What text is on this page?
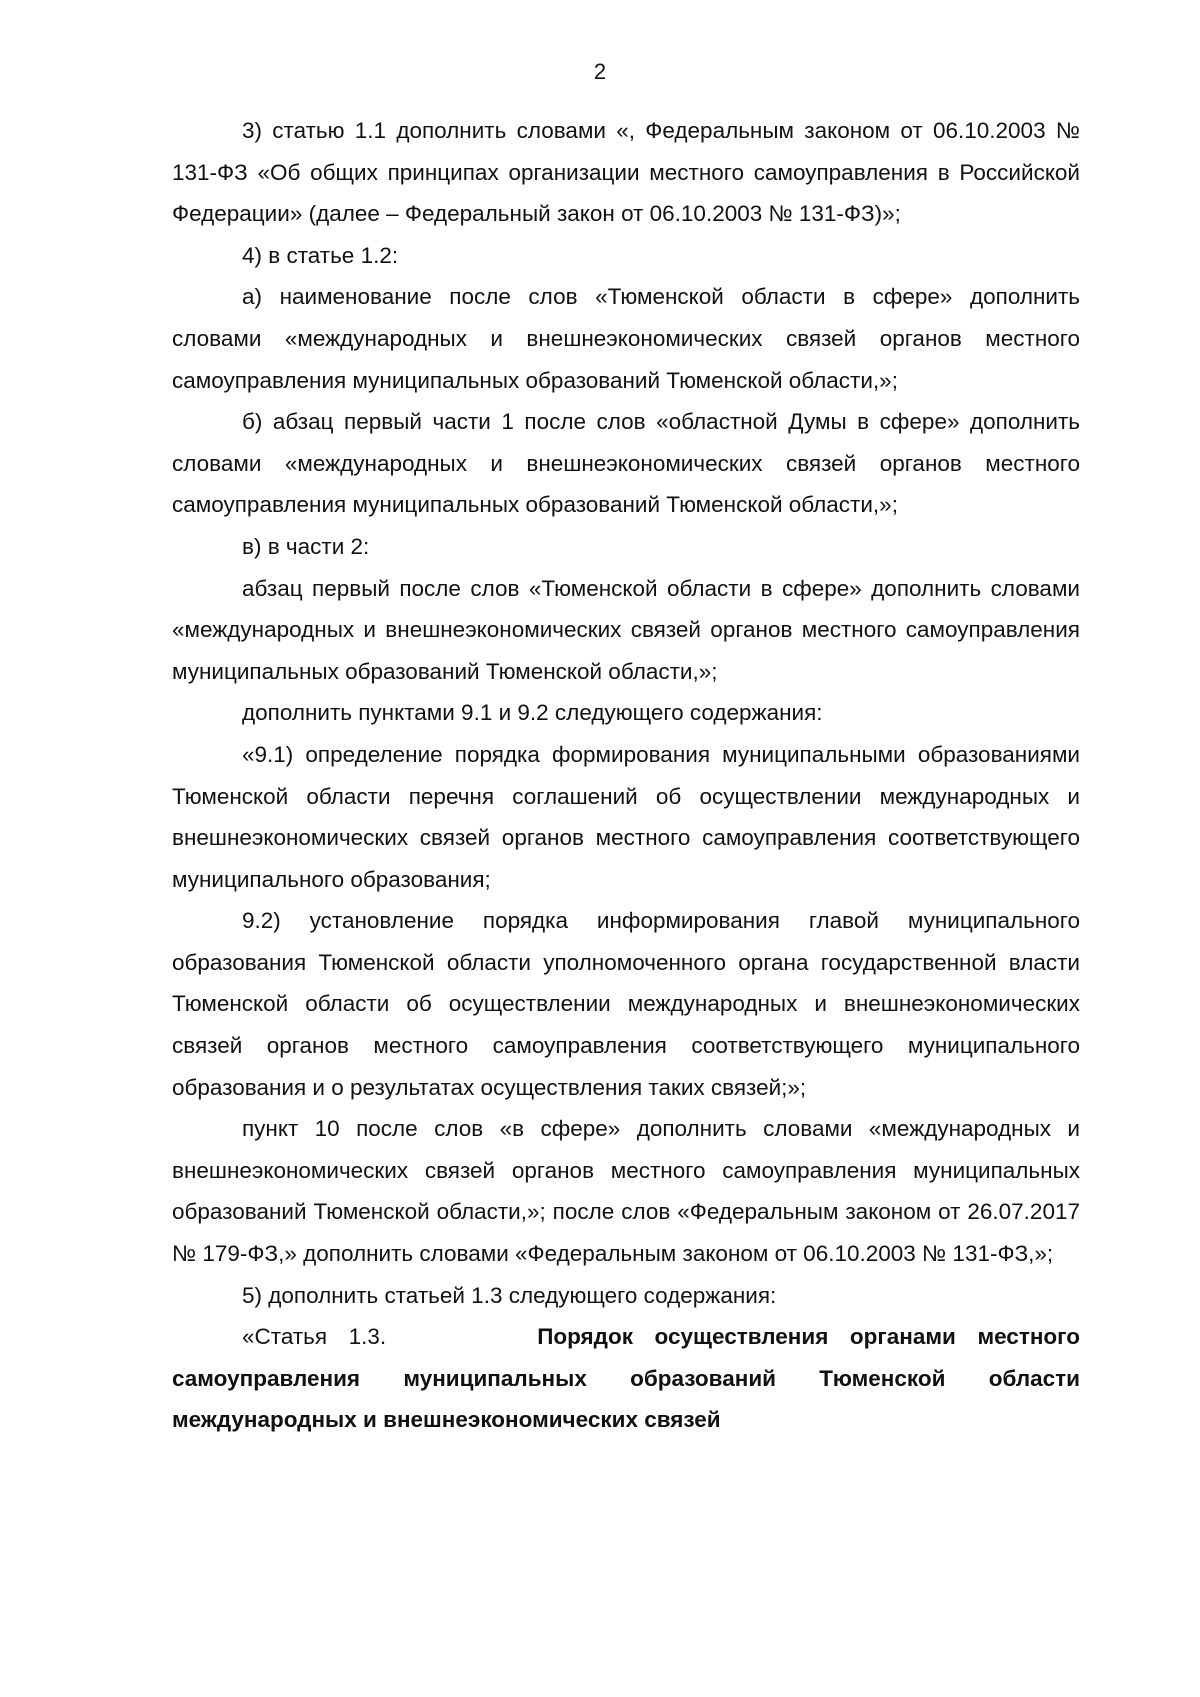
2

3) статью 1.1 дополнить словами «, Федеральным законом от 06.10.2003 № 131-ФЗ «Об общих принципах организации местного самоуправления в Российской Федерации» (далее – Федеральный закон от 06.10.2003 № 131-ФЗ)»;

4) в статье 1.2:

а) наименование после слов «Тюменской области в сфере» дополнить словами «международных и внешнеэкономических связей органов местного самоуправления муниципальных образований Тюменской области,»;

б) абзац первый части 1 после слов «областной Думы в сфере» дополнить словами «международных и внешнеэкономических связей органов местного самоуправления муниципальных образований Тюменской области,»;

в) в части 2:

абзац первый после слов «Тюменской области в сфере» дополнить словами «международных и внешнеэкономических связей органов местного самоуправления муниципальных образований Тюменской области,»;

дополнить пунктами 9.1 и 9.2 следующего содержания:

«9.1) определение порядка формирования муниципальными образованиями Тюменской области перечня соглашений об осуществлении международных и внешнеэкономических связей органов местного самоуправления соответствующего муниципального образования;

9.2) установление порядка информирования главой муниципального образования Тюменской области уполномоченного органа государственной власти Тюменской области об осуществлении международных и внешнеэкономических связей органов местного самоуправления соответствующего муниципального образования и о результатах осуществления таких связей;»;

пункт 10 после слов «в сфере» дополнить словами «международных и внешнеэкономических связей органов местного самоуправления муниципальных образований Тюменской области,»; после слов «Федеральным законом от 26.07.2017 № 179-ФЗ,» дополнить словами «Федеральным законом от 06.10.2003 № 131-ФЗ,»;

5) дополнить статьей 1.3 следующего содержания:

«Статья 1.3.	Порядок осуществления органами местного самоуправления муниципальных образований Тюменской области международных и внешнеэкономических связей
